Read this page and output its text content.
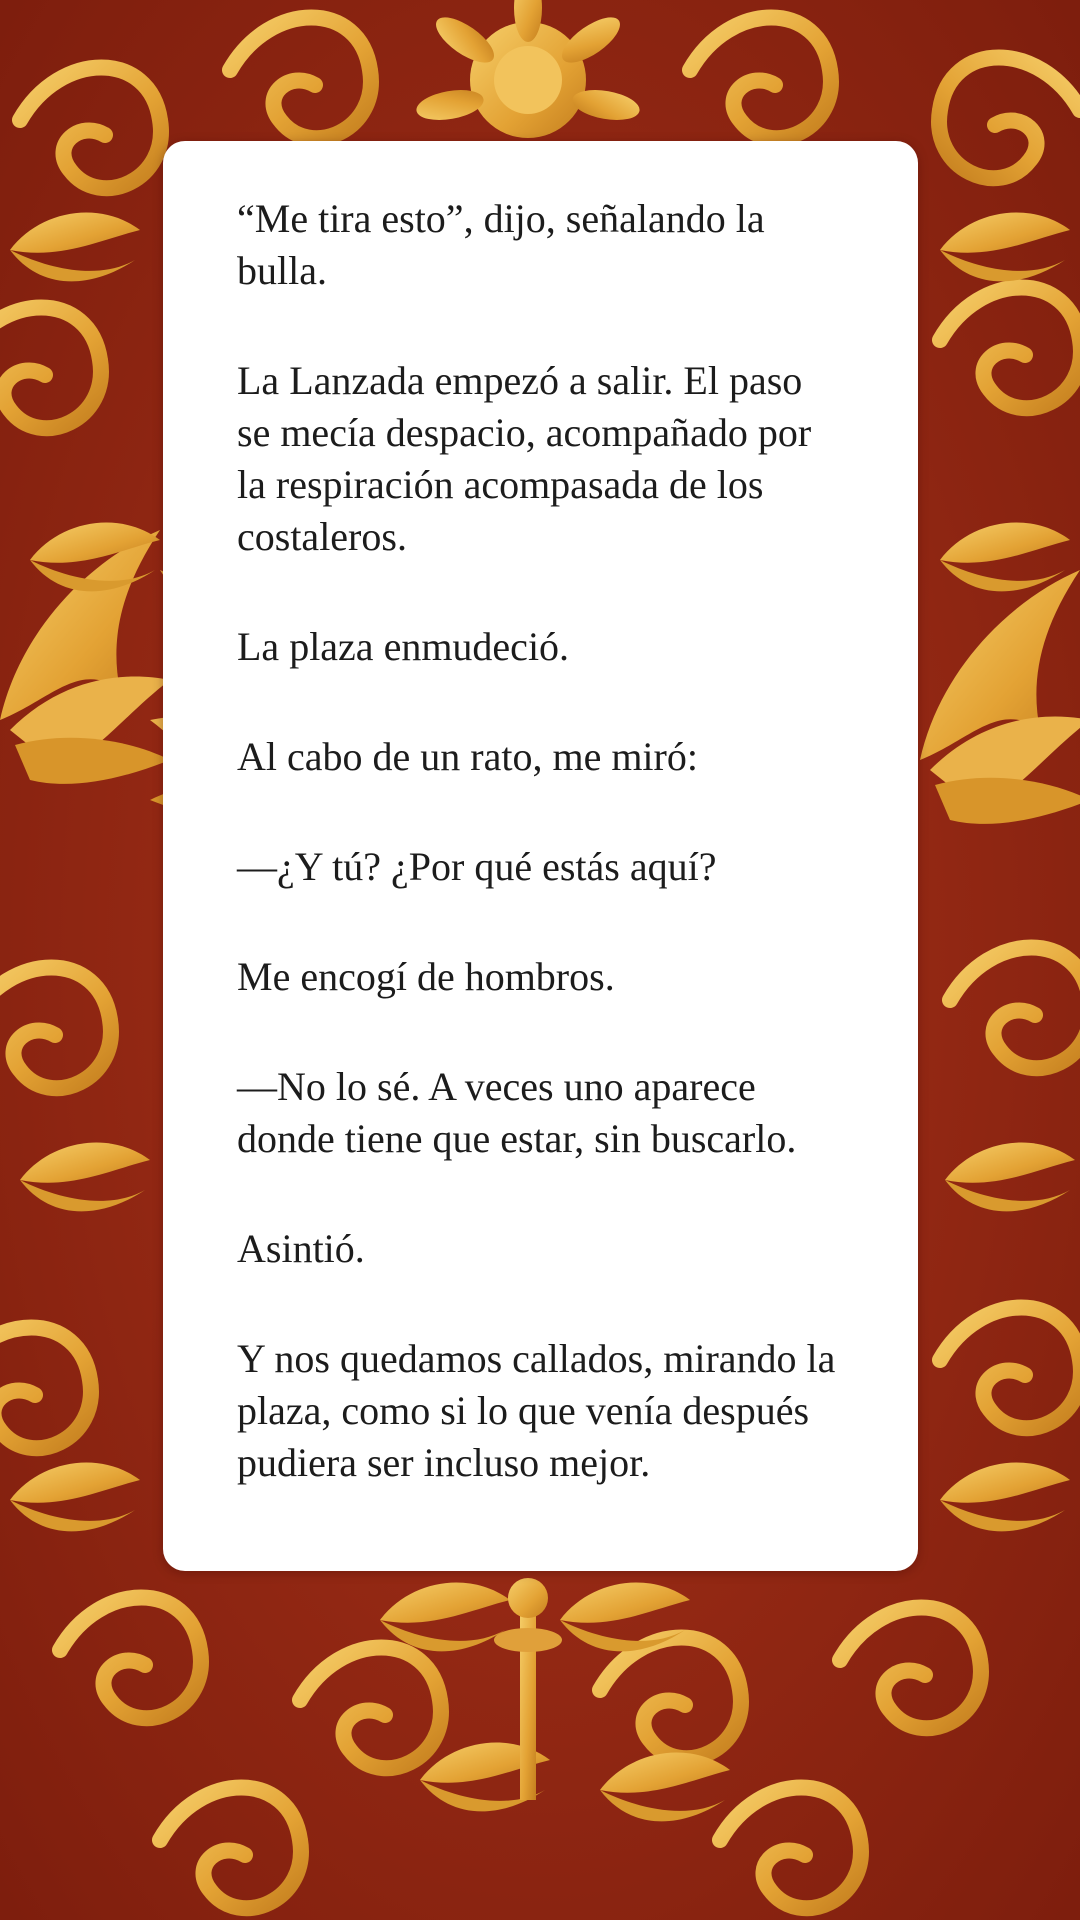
“Me tira esto”, dijo, señalando la
bulla.

La Lanzada empezó a salir. El paso
se mecía despacio, acompañado por
la respiración acompasada de los
costaleros.

La plaza enmudeció.

Al cabo de un rato, me miró:

—¿Y tú? ¿Por qué estás aquí?

Me encogí de hombros.

—No lo sé. A veces uno aparece
donde tiene que estar, sin buscarlo.

Asintió.

Y nos quedamos callados, mirando la
plaza, como si lo que venía después
pudiera ser incluso mejor.
